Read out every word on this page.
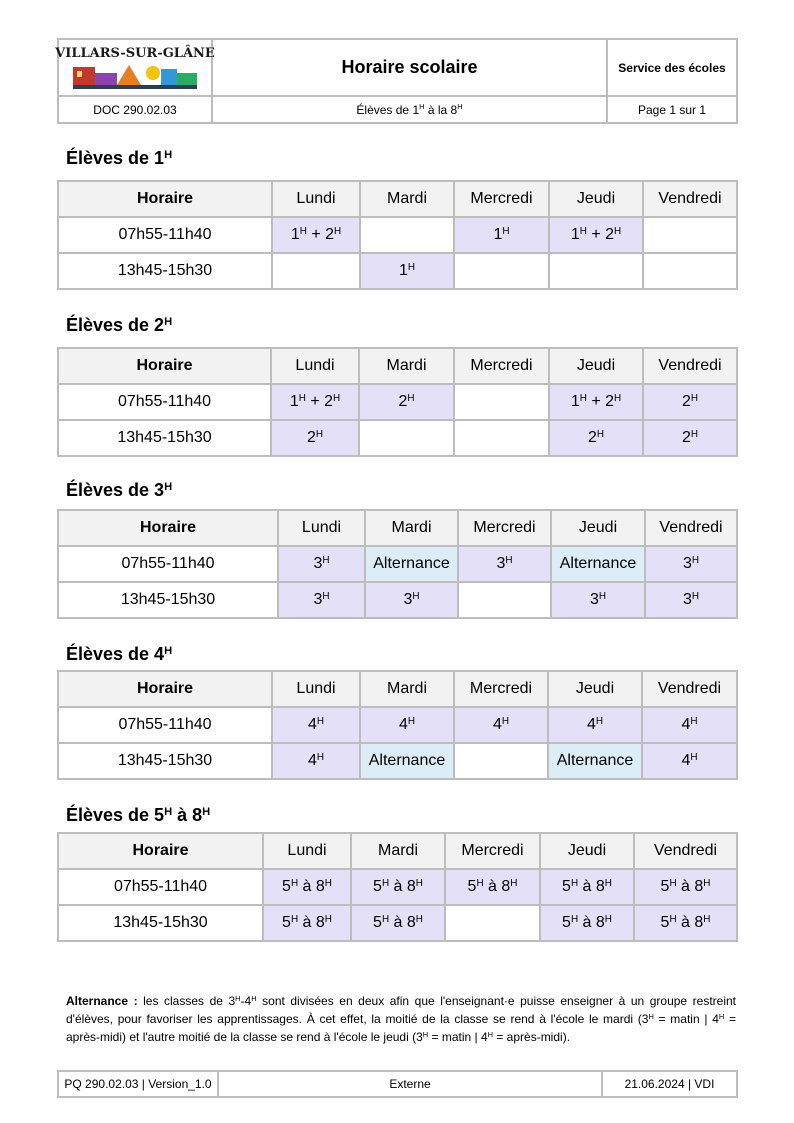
VILLARS-SUR-GLÂNE	Horaire scolaire	Service des écoles
DOC 290.02.03	Élèves de $1^H$ à la $8^H$	Page 1 sur 1
Élèves de $1^H$
Horaire	Lundi	Mardi	Mercredi	Jeudi	Vendredi
07h55-11h40	$1^H + 2^H$		$1^H$	$1^H + 2^H$	
13h45-15h30		$1^H$			
Élèves de $2^H$
Horaire	Lundi	Mardi	Mercredi	Jeudi	Vendredi
07h55-11h40	$1^H + 2^H$	$2^H$		$1^H + 2^H$	$2^H$
13h45-15h30	$2^H$			$2^H$	$2^H$
Élèves de $3^H$
Horaire	Lundi	Mardi	Mercredi	Jeudi	Vendredi
07h55-11h40	$3^H$	Alternance	$3^H$	Alternance	$3^H$
13h45-15h30	$3^H$	$3^H$		$3^H$	$3^H$
Élèves de $4^H$
Horaire	Lundi	Mardi	Mercredi	Jeudi	Vendredi
07h55-11h40	$4^H$	$4^H$	$4^H$	$4^H$	$4^H$
13h45-15h30	$4^H$	Alternance		Alternance	$4^H$
Élèves de $5^H$ à $8^H$
Horaire	Lundi	Mardi	Mercredi	Jeudi	Vendredi
07h55-11h40	$5^H$ à $8^H$	$5^H$ à $8^H$	$5^H$ à $8^H$	$5^H$ à $8^H$	$5^H$ à $8^H$
13h45-15h30	$5^H$ à $8^H$	$5^H$ à $8^H$		$5^H$ à $8^H$	$5^H$ à $8^H$
Alternance : les classes de $3^H-4^H$ sont divisées en deux afin que l'enseignant·e puisse enseigner à un groupe restreint d'élèves, pour favoriser les apprentissages. À cet effet, la moitié de la classe se rend à l'école le mardi ($3^H$ = matin | $4^H$ = après-midi) et l'autre moitié de la classe se rend à l'école le jeudi ($3^H$ = matin | $4^H$ = après-midi).
PQ 290.02.03 | Version_1.0	Externe	21.06.2024 | VDI
